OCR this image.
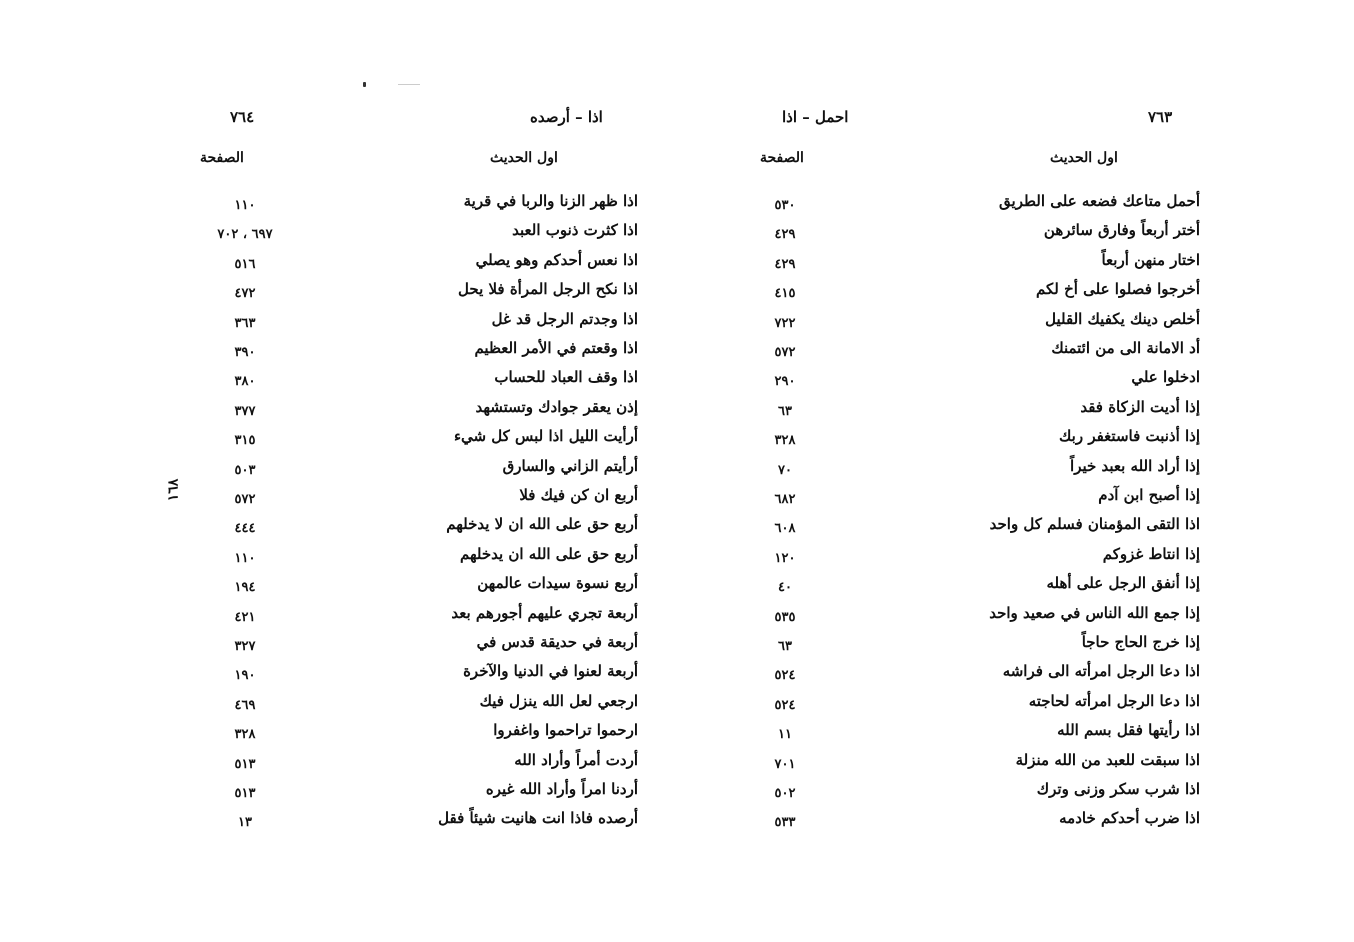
٧٦٤	اذا – أرصده
اول الحديث
الصفحة
اذا ظهر الزنا والربا في قرية
١١٠
اذا كثرت ذنوب العبد
٦٩٧ ، ٧٠٢
اذا نعس أحدكم وهو يصلي
٥١٦
اذا نكح الرجل المرأة فلا يحل
٤٧٢
اذا وجدتم الرجل قد غل
٣٦٣
اذا وقعتم في الأمر العظيم
٣٩٠
اذا وقف العباد للحساب
٣٨٠
إذن يعقر جوادك وتستشهد
٣٧٧
أرأيت الليل اذا لبس كل شيء
٣١٥
أرأيتم الزاني والسارق
٥٠٣
أربع ان كن فيك فلا
٥٧٢
أربع حق على الله ان لا يدخلهم
٤٤٤
أربع حق على الله ان يدخلهم
١١٠
أربع نسوة سيدات عالمهن
١٩٤
أربعة تجري عليهم أجورهم بعد
٤٢١
أربعة في حديقة قدس في
٣٢٧
أربعة لعنوا في الدنيا والآخرة
١٩٠
ارجعي لعل الله ينزل فيك
٤٦٩
ارحموا تراحموا واغفروا
٣٢٨
أردت أمراً وأراد الله
٥١٣
أردنا امراً وأراد الله غيره
٥١٣
أرصده فاذا انت هانيت شيئاً فقل
١٣
٧٦٣
احمل – اذا
اول الحديث
الصفحة
أحمل متاعك فضعه على الطريق
٥٣٠
أختر أربعاً وفارق سائرهن
٤٢٩
اختار منهن أربعاً
٤٢٩
أخرجوا فصلوا على أخ لكم
٤١٥
أخلص دينك يكفيك القليل
٧٢٢
أد الامانة الى من ائتمنك
٥٧٢
ادخلوا علي
٢٩٠
إذا أديت الزكاة فقد
٦٣
إذا أذنبت فاستغفر ربك
٣٢٨
إذا أراد الله بعبد خيراً
٧٠
إذا أصبح ابن آدم
٦٨٢
اذا التقى المؤمنان فسلم كل واحد
٦٠٨
إذا انتاط غزوكم
١٢٠
إذا أنفق الرجل على أهله
٤٠
إذا جمع الله الناس في صعيد واحد
٥٣٥
إذا خرج الحاج حاجاً
٦٣
اذا دعا الرجل امرأته الى فراشه
٥٢٤
اذا دعا الرجل امرأته لحاجته
٥٢٤
اذا رأيتها فقل بسم الله
١١
اذا سبقت للعبد من الله منزلة
٧٠١
اذا شرب سكر وزنى وترك
٥٠٢
اذا ضرب أحدكم خادمه
٥٣٣
١٦٨
